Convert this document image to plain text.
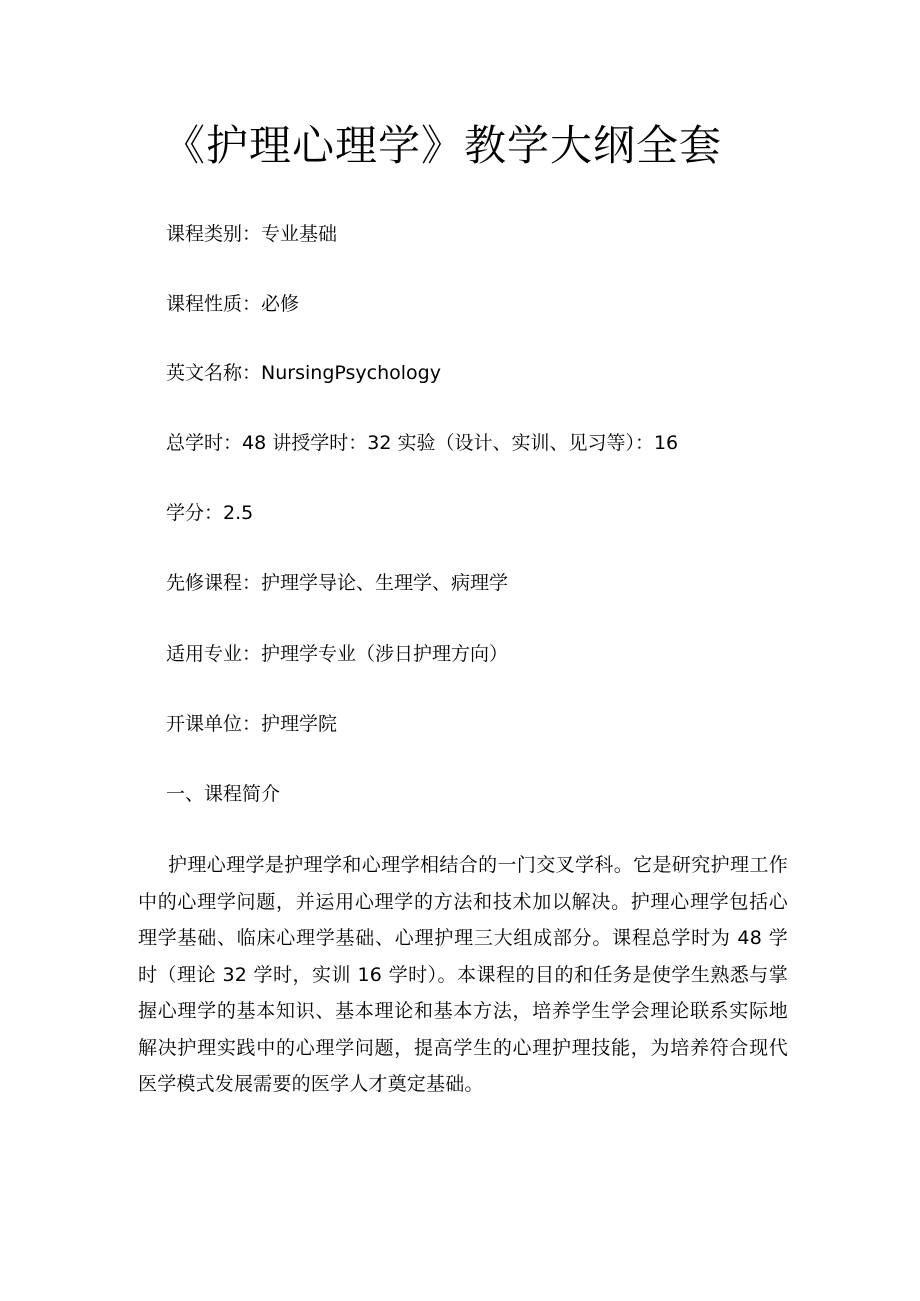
《护理心理学》教学大纲全套

课程类别：专业基础

课程性质：必修

英文名称：NursingPsychology

总学时：48 讲授学时：32 实验（设计、实训、见习等）：16

学分：2.5

先修课程：护理学导论、生理学、病理学

适用专业：护理学专业（涉日护理方向）

开课单位：护理学院

一、课程简介

护理心理学是护理学和心理学相结合的一门交叉学科。它是研究护理工作中的心理学问题，并运用心理学的方法和技术加以解决。护理心理学包括心理学基础、临床心理学基础、心理护理三大组成部分。课程总学时为 48 学时（理论 32 学时，实训 16 学时）。本课程的目的和任务是使学生熟悉与掌握心理学的基本知识、基本理论和基本方法，培养学生学会理论联系实际地解决护理实践中的心理学问题，提高学生的心理护理技能，为培养符合现代医学模式发展需要的医学人才奠定基础。
